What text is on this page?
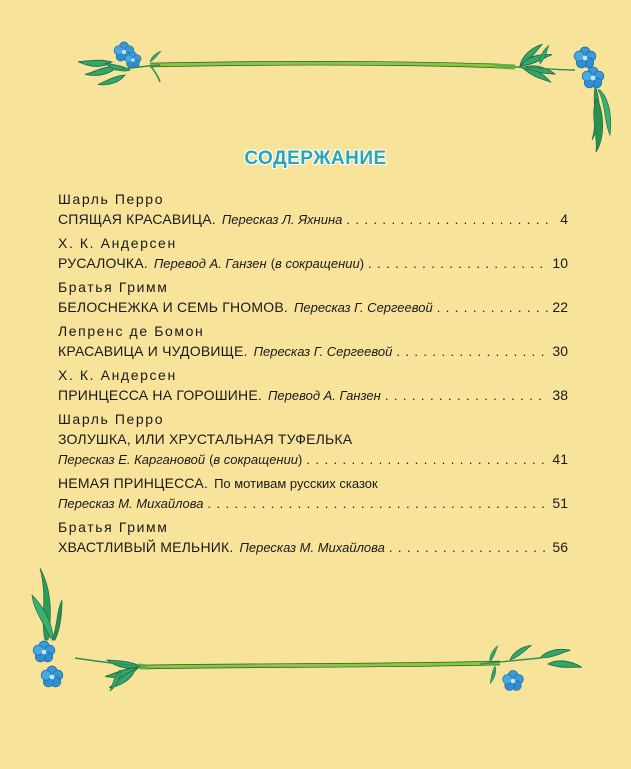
СОДЕРЖАНИЕ
Шарль Перро
СПЯЩАЯ КРАСАВИЦА. Пересказ Л. Яхнина . . .	4
Х. К. Андерсен
РУСАЛОЧКА. Перевод А. Ганзен (в сокращении) . . .	10
Братья Гримм
БЕЛОСНЕЖКА И СЕМЬ ГНОМОВ. Пересказ Г. Сергеевой . . .	22
Лепренс де Бомон
КРАСАВИЦА И ЧУДОВИЩЕ. Пересказ Г. Сергеевой . . .	30
Х. К. Андерсен
ПРИНЦЕССА НА ГОРОШИНЕ. Перевод А. Ганзен . . .	38
Шарль Перро
ЗОЛУШКА, ИЛИ ХРУСТАЛЬНАЯ ТУФЕЛЬКА
Пересказ Е. Каргановой (в сокращении) . . .	41
НЕМАЯ ПРИНЦЕССА. По мотивам русских сказок
Пересказ М. Михайлова . . .	51
Братья Гримм
ХВАСТЛИВЫЙ МЕЛЬНИК. Пересказ М. Михайлова . . .	56
